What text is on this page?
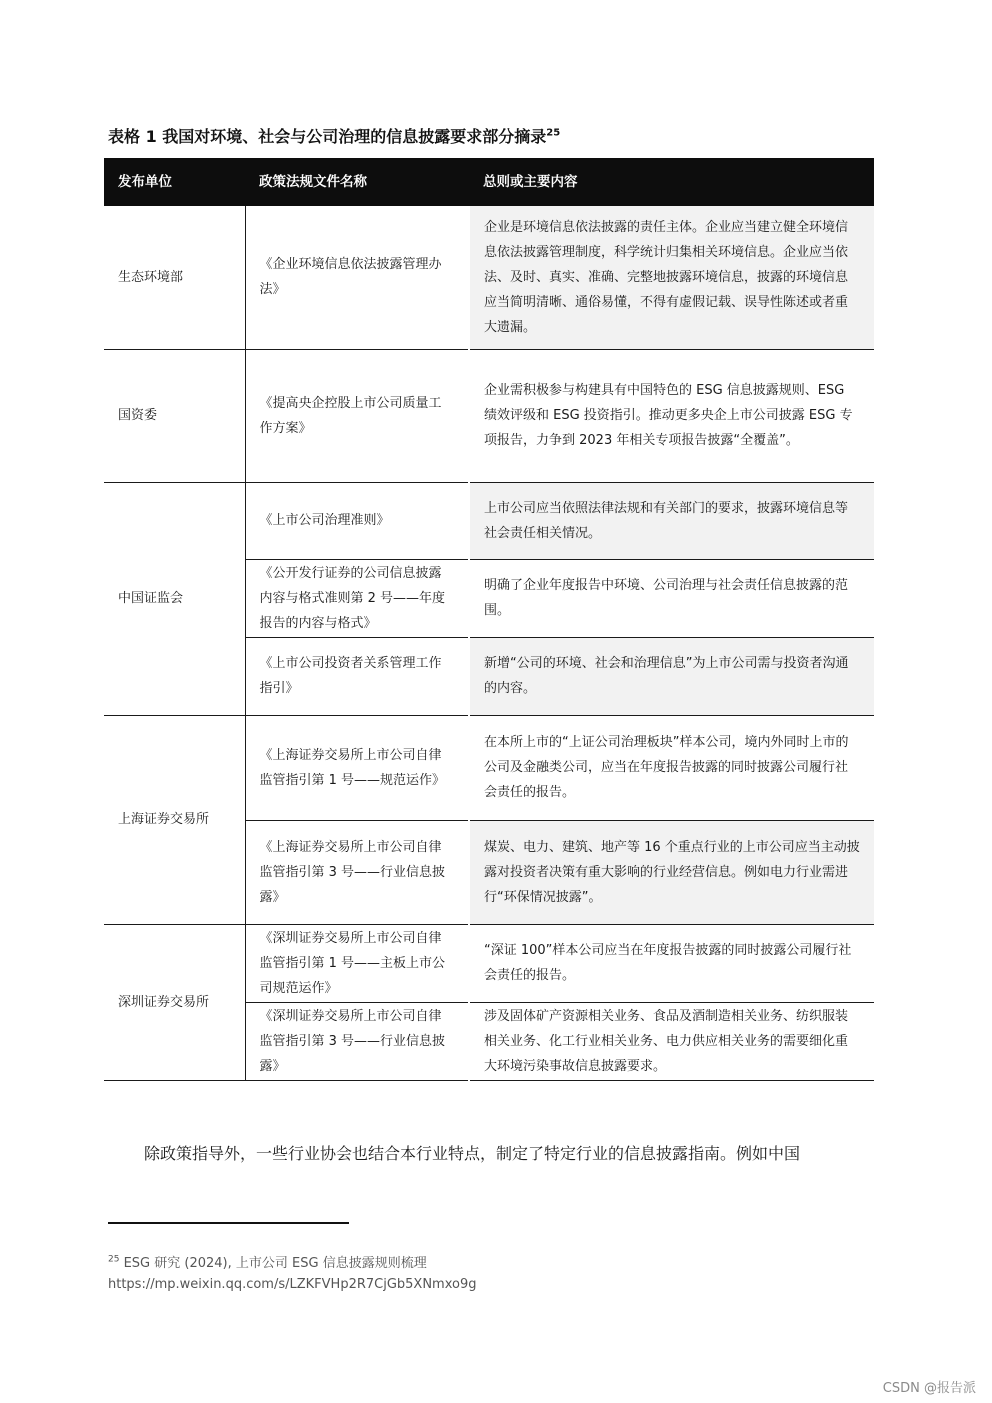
表格 1 我国对环境、社会与公司治理的信息披露要求部分摘录$^{25}$
发布单位	政策法规文件名称	总则或主要内容
生态环境部	《企业环境信息依法披露管理办法》	企业是环境信息依法披露的责任主体。企业应当建立健全环境信息依法披露管理制度，科学统计归集相关环境信息。企业应当依法、及时、真实、准确、完整地披露环境信息，披露的环境信息应当简明清晰、通俗易懂，不得有虚假记载、误导性陈述或者重大遗漏。
国资委	《提高央企控股上市公司质量工作方案》	企业需积极参与构建具有中国特色的 ESG 信息披露规则、ESG 绩效评级和 ESG 投资指引。推动更多央企上市公司披露 ESG 专项报告，力争到 2023 年相关专项报告披露“全覆盖”。
中国证监会	《上市公司治理准则》	上市公司应当依照法律法规和有关部门的要求，披露环境信息等社会责任相关情况。
	《公开发行证券的公司信息披露内容与格式准则第 2 号——年度报告的内容与格式》	明确了企业年度报告中环境、公司治理与社会责任信息披露的范围。
	《上市公司投资者关系管理工作指引》	新增“公司的环境、社会和治理信息”为上市公司需与投资者沟通的内容。
上海证券交易所	《上海证券交易所上市公司自律监管指引第 1 号——规范运作》	在本所上市的“上证公司治理板块”样本公司，境内外同时上市的公司及金融类公司，应当在年度报告披露的同时披露公司履行社会责任的报告。
	《上海证券交易所上市公司自律监管指引第 3 号——行业信息披露》	煤炭、电力、建筑、地产等 16 个重点行业的上市公司应当主动披露对投资者决策有重大影响的行业经营信息。例如电力行业需进行“环保情况披露”。
深圳证券交易所	《深圳证券交易所上市公司自律监管指引第 1 号——主板上市公司规范运作》	“深证 100”样本公司应当在年度报告披露的同时披露公司履行社会责任的报告。
	《深圳证券交易所上市公司自律监管指引第 3 号——行业信息披露》	涉及固体矿产资源相关业务、食品及酒制造相关业务、纺织服装相关业务、化工行业相关业务、电力供应相关业务的需要细化重大环境污染事故信息披露要求。
除政策指导外，一些行业协会也结合本行业特点，制定了特定行业的信息披露指南。例如中国
$^{25}$ ESG 研究 (2024), 上市公司 ESG 信息披露规则梳理
https://mp.weixin.qq.com/s/LZKFVHp2R7CjGb5XNmxo9g
CSDN @报告派
